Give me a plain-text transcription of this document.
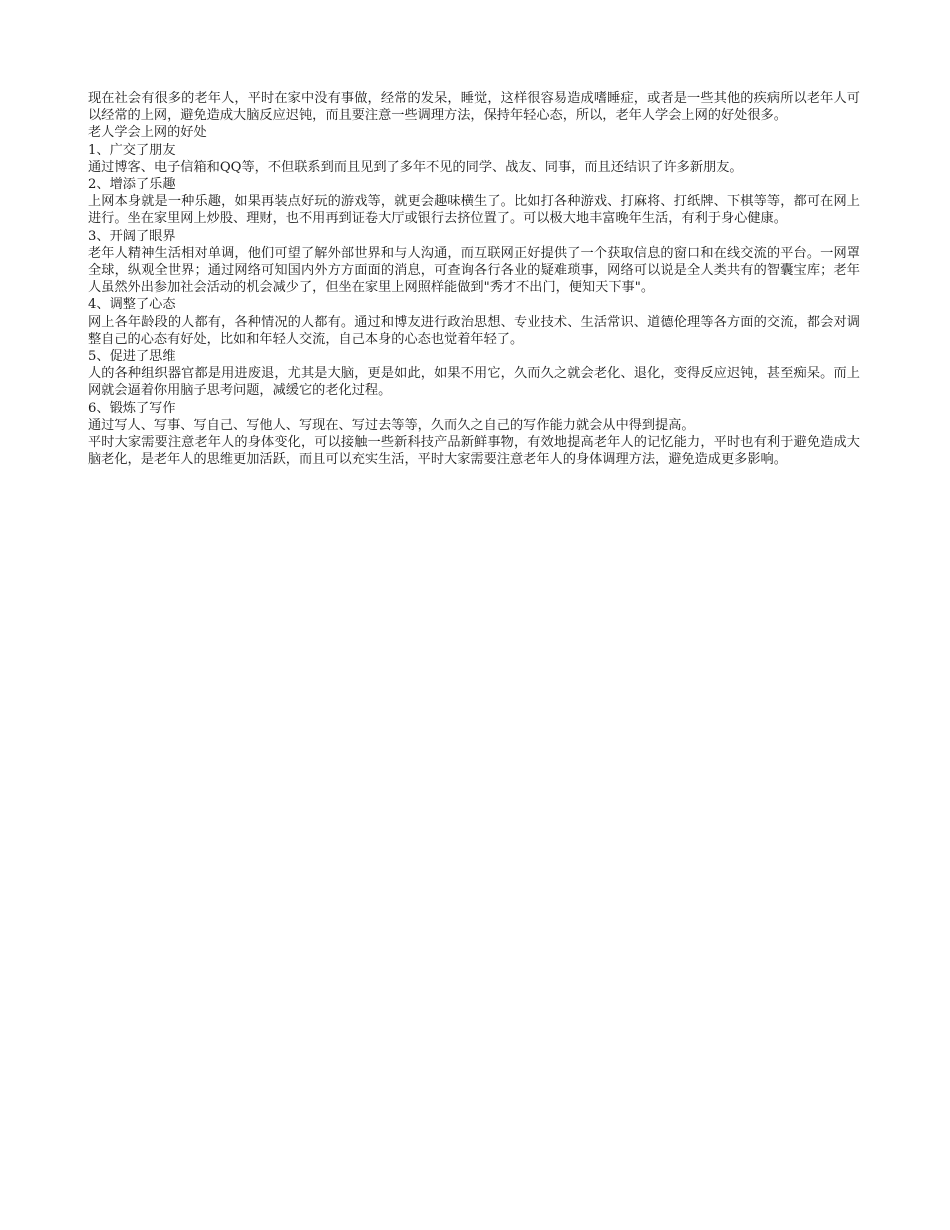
现在社会有很多的老年人，平时在家中没有事做，经常的发呆，睡觉，这样很容易造成嗜睡症，或者是一些其他的疾病所以老年人可以经常的上网，避免造成大脑反应迟钝，而且要注意一些调理方法，保持年轻心态，所以，老年人学会上网的好处很多。

老人学会上网的好处

1、广交了朋友

通过博客、电子信箱和QQ等，不但联系到而且见到了多年不见的同学、战友、同事，而且还结识了许多新朋友。

2、增添了乐趣

上网本身就是一种乐趣，如果再装点好玩的游戏等，就更会趣味横生了。比如打各种游戏、打麻将、打纸牌、下棋等等，都可在网上进行。坐在家里网上炒股、理财，也不用再到证卷大厅或银行去挤位置了。可以极大地丰富晚年生活，有利于身心健康。

3、开阔了眼界

老年人精神生活相对单调，他们可望了解外部世界和与人沟通，而互联网正好提供了一个获取信息的窗口和在线交流的平台。一网罩全球，纵观全世界；通过网络可知国内外方方面面的消息，可查询各行各业的疑难琐事，网络可以说是全人类共有的智囊宝库；老年人虽然外出参加社会活动的机会减少了，但坐在家里上网照样能做到"秀才不出门，便知天下事"。

4、调整了心态

网上各年龄段的人都有，各种情况的人都有。通过和博友进行政治思想、专业技术、生活常识、道德伦理等各方面的交流，都会对调整自己的心态有好处，比如和年轻人交流，自己本身的心态也觉着年轻了。

5、促进了思维

人的各种组织器官都是用进废退，尤其是大脑，更是如此，如果不用它，久而久之就会老化、退化，变得反应迟钝，甚至痴呆。而上网就会逼着你用脑子思考问题，减缓它的老化过程。

6、锻炼了写作

通过写人、写事、写自己、写他人、写现在、写过去等等，久而久之自己的写作能力就会从中得到提高。

平时大家需要注意老年人的身体变化，可以接触一些新科技产品新鲜事物，有效地提高老年人的记忆能力，平时也有利于避免造成大脑老化，是老年人的思维更加活跃，而且可以充实生活，平时大家需要注意老年人的身体调理方法，避免造成更多影响。
